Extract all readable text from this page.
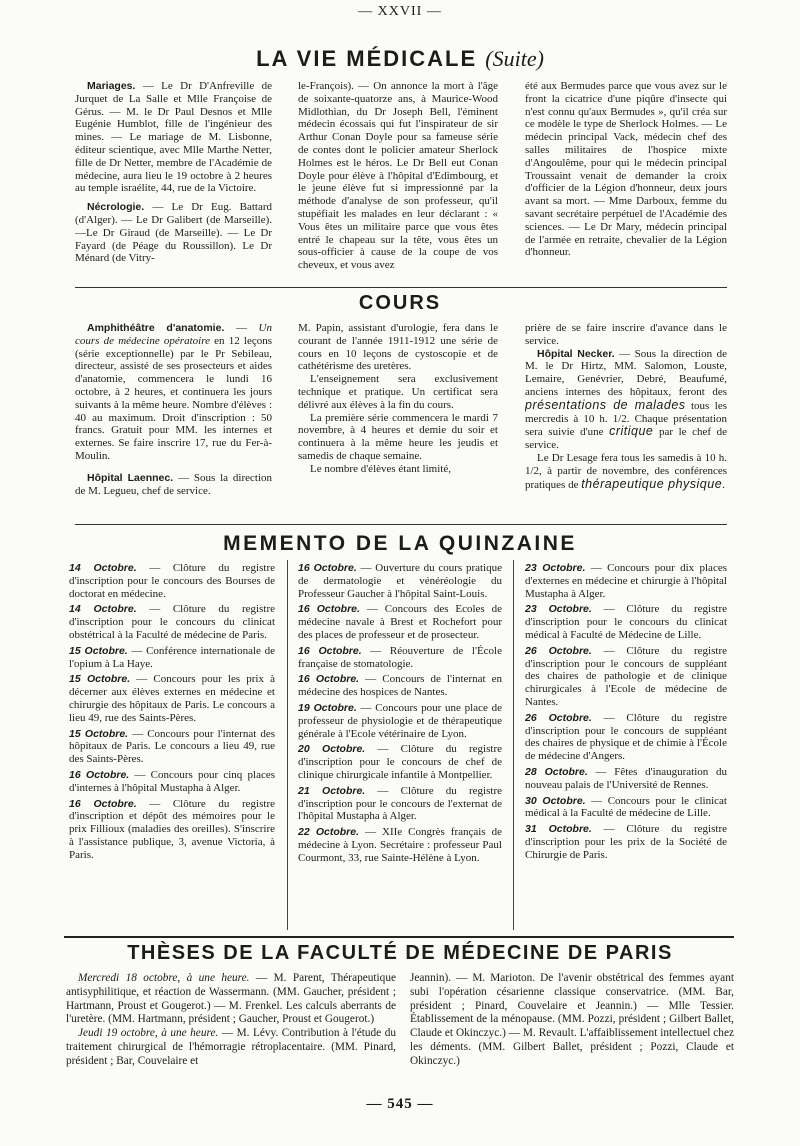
— XXVII —
LA VIE MÉDICALE (Suite)

Mariages. — Le Dr D'Anfreville de Jurquet de La Salle et Mlle Françoise de Gérus. — M. le Dr Paul Desnos et Mlle Eugénie Humblot, fille de l'ingénieur des mines. — Le mariage de M. Lisbonne, éditeur scientique, avec Mlle Marthe Netter, fille de Dr Netter, membre de l'Académie de médecine, aura lieu le 19 octobre à 2 heures au temple israélite, 44, rue de la Victoire.

Nécrologie. — Le Dr Eug. Battard (d'Alger). — Le Dr Galibert (de Marseille). —Le Dr Giraud (de Marseille). — Le Dr Fayard (de Péage du Roussillon). Le Dr Ménard (de Vitry-

le-François). — On annonce la mort à l'âge de soixante-quatorze ans, à Maurice-Wood Midlothian, du Dr Joseph Bell, l'éminent médecin écossais qui fut l'inspirateur de sir Arthur Conan Doyle pour sa fameuse série de contes dont le policier amateur Sherlock Holmes est le héros. Le Dr Bell eut Conan Doyle pour élève à l'hôpital d'Edimbourg, et le jeune élève fut si impressionné par la méthode d'analyse de son professeur, qu'il stupéfiait les malades en leur déclarant : « Vous êtes un militaire parce que vous êtes entré le chapeau sur la tête, vous êtes un sous-officier à cause de la coupe de vos cheveux, et vous avez

été aux Bermudes parce que vous avez sur le front la cicatrice d'une piqûre d'insecte qui n'est connu qu'aux Bermudes », qu'il créa sur ce modèle le type de Sherlock Holmes. — Le médecin principal Vack, médecin chef des salles militaires de l'hospice mixte d'Angoulême, pour qui le médecin principal Troussaint venait de demander la croix d'officier de la Légion d'honneur, deux jours avant sa mort. — Mme Darboux, femme du savant secrétaire perpétuel de l'Académie des sciences. — Le Dr Mary, médecin principal de l'armée en retraite, chevalier de la Légion d'honneur.

COURS

Amphithéâtre d'anatomie. — Un cours de médecine opératoire en 12 leçons (série exceptionnelle) par le Pr Sebileau, directeur, assisté de ses prosecteurs et aides d'anatomie, commencera le lundi 16 octobre, à 2 heures, et continuera les jours suivants à la même heure. Nombre d'élèves : 40 au maximum. Droit d'inscription : 50 francs. Gratuit pour MM. les internes et externes. Se faire inscrire 17, rue du Fer-à-Moulin.

Hôpital Laennec. — Sous la direction de M. Legueu, chef de service.

M. Papin, assistant d'urologie, fera dans le courant de l'année 1911-1912 une série de cours en 10 leçons de cystoscopie et de cathétérisme des uretères.

L'enseignement sera exclusivement technique et pratique. Un certificat sera délivré aux élèves à la fin du cours.

La première série commencera le mardi 7 novembre, à 4 heures et demie du soir et continuera à la même heure les jeudis et samedis de chaque semaine.

Le nombre d'élèves étant limité,

prière de se faire inscrire d'avance dans le service.

Hôpital Necker. — Sous la direction de M. le Dr Hirtz, MM. Salomon, Louste, Lemaire, Genévrier, Debré, Beaufumé, anciens internes des hôpitaux, feront des présentations de malades tous les mercredis à 10 h. 1/2. Chaque présentation sera suivie d'une critique par le chef de service.

Le Dr Lesage fera tous les samedis à 10 h. 1/2, à partir de novembre, des conférences pratiques de thérapeutique physique.

MEMENTO DE LA QUINZAINE

14 Octobre. — Clôture du registre d'inscription pour le concours des Bourses de doctorat en médecine.

14 Octobre. — Clôture du registre d'inscription pour le concours du clinicat obstétrical à la Faculté de médecine de Paris.

15 Octobre. — Conférence internationale de l'opium à La Haye.

15 Octobre. — Concours pour les prix à décerner aux élèves externes en médecine et chirurgie des hôpitaux de Paris. Le concours a lieu 49, rue des Saints-Pères.

15 Octobre. — Concours pour l'internat des hôpitaux de Paris. Le concours a lieu 49, rue des Saints-Pères.

16 Octobre. — Concours pour cinq places d'internes à l'hôpital Mustapha à Alger.

16 Octobre. — Clôture du registre d'inscription et dépôt des mémoires pour le prix Fillioux (maladies des oreilles). S'inscrire à l'assistance publique, 3, avenue Victoria, à Paris.

16 Octobre. — Ouverture du cours pratique de dermatologie et vénéréologie du Professeur Gaucher à l'hôpital Saint-Louis.

16 Octobre. — Concours des Ecoles de médecine navale à Brest et Rochefort pour des places de professeur et de prosecteur.

16 Octobre. — Réouverture de l'École française de stomatologie.

16 Octobre. — Concours de l'internat en médecine des hospices de Nantes.

19 Octobre. — Concours pour une place de professeur de physiologie et de thérapeutique générale à l'Ecole vétérinaire de Lyon.

20 Octobre. — Clôture du registre d'inscription pour le concours de chef de clinique chirurgicale infantile à Montpellier.

21 Octobre. — Clôture du registre d'inscription pour le concours de l'externat de l'hôpital Mustapha à Alger.

22 Octobre. — XIIe Congrès français de médecine à Lyon. Secrétaire : professeur Paul Courmont, 33, rue Sainte-Hélène à Lyon.

23 Octobre. — Concours pour dix places d'externes en médecine et chirurgie à l'hôpital Mustapha à Alger.

23 Octobre. — Clôture du registre d'inscription pour le concours du clinicat médical à Faculté de Médecine de Lille.

26 Octobre. — Clôture du registre d'inscription pour le concours de suppléant des chaires de pathologie et de clinique chirurgicales à l'Ecole de médecine de Nantes.

26 Octobre. — Clôture du registre d'inscription pour le concours de suppléant des chaires de physique et de chimie à l'École de médecine d'Angers.

28 Octobre. — Fêtes d'inauguration du nouveau palais de l'Université de Rennes.

30 Octobre. — Concours pour le clinicat médical à la Faculté de médecine de Lille.

31 Octobre. — Clôture du registre d'inscription pour les prix de la Société de Chirurgie de Paris.

THÈSES DE LA FACULTÉ DE MÉDECINE DE PARIS

Mercredi 18 octobre, à une heure. — M. Parent, Thérapeutique antisyphilitique, et réaction de Wassermann. (MM. Gaucher, président ; Hartmann, Proust et Gougerot.) — M. Frenkel. Les calculs aberrants de l'uretère. (MM. Hartmann, président ; Gaucher, Proust et Gougerot.)

Jeudi 19 octobre, à une heure. — M. Lévy. Contribution à l'étude du traitement chirurgical de l'hémorragie rétroplacentaire. (MM. Pinard, président ; Bar, Couvelaire et

Jeannin). — M. Marioton. De l'avenir obstétrical des femmes ayant subi l'opération césarienne classique conservatrice. (MM. Bar, président ; Pinard, Couvelaire et Jeannin.) — Mlle Tessier. Établissement de la ménopause. (MM. Pozzi, président ; Gilbert Ballet, Claude et Okinczyc.) — M. Revault. L'affaiblissement intellectuel chez les déments. (MM. Gilbert Ballet, président ; Pozzi, Claude et Okinczyc.)

— 545 —
